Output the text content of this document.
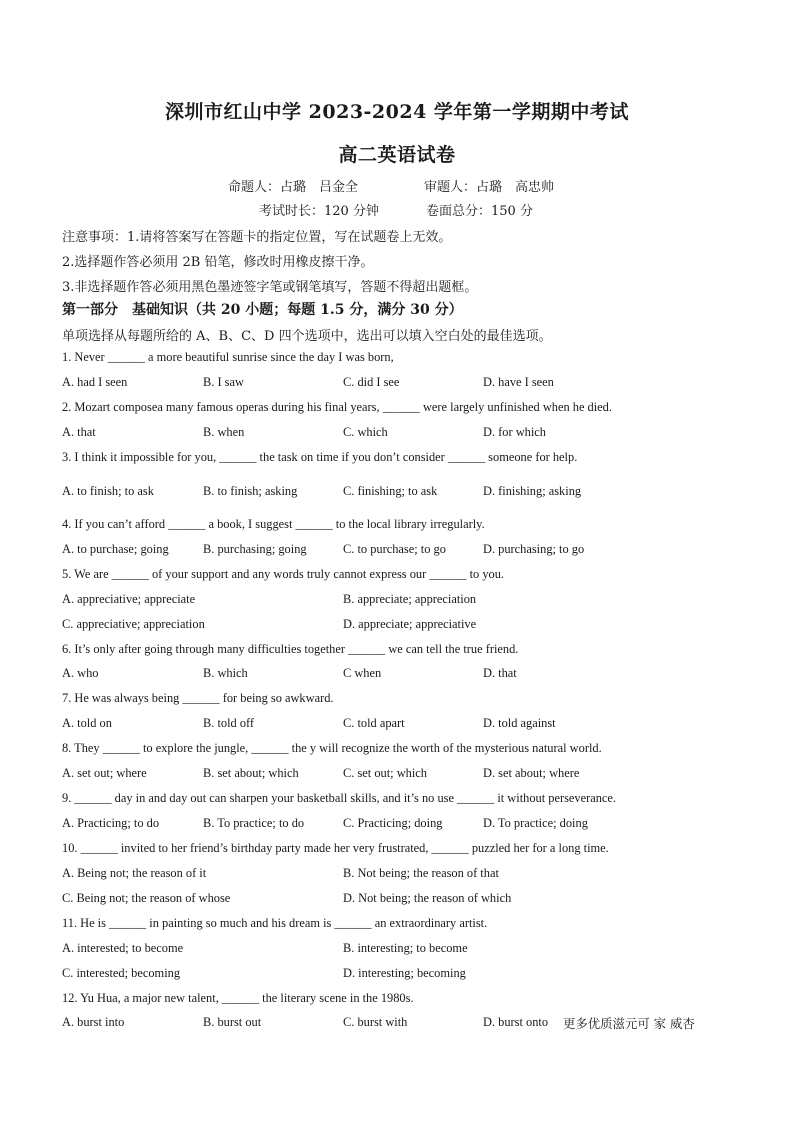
深圳市红山中学 2023-2024 学年第一学期期中考试
高二英语试卷
命题人：占璐　吕金全	审题人：占璐　高忠帅
考试时长：120 分钟	卷面总分：150 分
注意事项：1.请将答案写在答题卡的指定位置，写在试题卷上无效。
2.选择题作答必须用 2B 铅笔，修改时用橡皮擦干净。
3.非选择题作答必须用黑色墨迹签字笔或钢笔填写，答题不得超出题框。
第一部分　基础知识（共 20 小题；每题 1.5 分，满分 30 分）
单项选择从每题所给的 A、B、C、D 四个选项中，选出可以填入空白处的最佳选项。
1. Never ______ a more beautiful sunrise since the day I was born,
A. had I seen	B. I saw	C. did I see	D. have I seen
2. Mozart composea many famous operas during his final years, ______ were largely unfinished when he died.
A. that	B. when	C. which	D. for which
3. I think it impossible for you, ______ the task on time if you don’t consider ______ someone for help.
A. to finish; to ask	B. to finish; asking	C. finishing; to ask	D. finishing; asking
4. If you can’t afford ______ a book, I suggest ______ to the local library irregularly.
A. to purchase; going	B. purchasing; going	C. to purchase; to go	D. purchasing; to go
5. We are ______ of your support and any words truly cannot express our ______ to you.
A. appreciative; appreciate	B. appreciate; appreciation
C. appreciative; appreciation	D. appreciate; appreciative
6. It’s only after going through many difficulties together ______ we can tell the true friend.
A. who	B. which	C when	D. that
7. He was always being ______ for being so awkward.
A. told on	B. told off	C. told apart	D. told against
8. They ______ to explore the jungle, ______ the y will recognize the worth of the mysterious natural world.
A. set out; where	B. set about; which	C. set out; which	D. set about; where
9. ______ day in and day out can sharpen your basketball skills, and it’s no use ______ it without perseverance.
A. Practicing; to do	B. To practice; to do	C. Practicing; doing	D. To practice; doing
10. ______ invited to her friend’s birthday party made her very frustrated, ______ puzzled her for a long time.
A. Being not; the reason of it	B. Not being; the reason of that
C. Being not; the reason of whose	D. Not being; the reason of which
11. He is ______ in painting so much and his dream is ______ an extraordinary artist.
A. interested; to become	B. interesting; to become
C. interested; becoming	D. interesting; becoming
12. Yu Hua, a major new talent, ______ the literary scene in the 1980s.
A. burst into	B. burst out	C. burst with	D. burst onto 更多优质滋元可 家 威杏
